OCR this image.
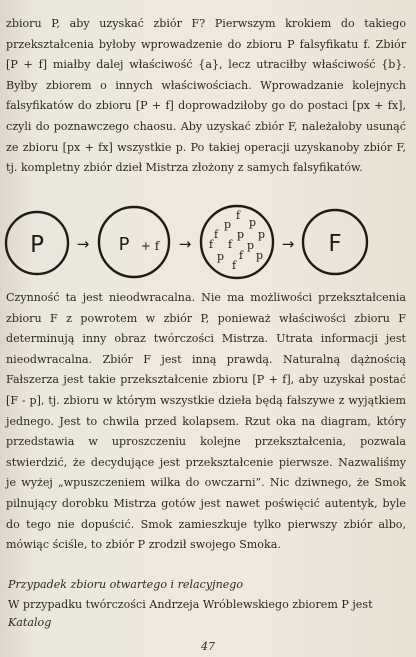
zbioru P, aby uzyskać zbiór F? Pierwszym krokiem do takiego przekształcenia byłoby wprowadzenie do zbioru P falsyfikatu f. Zbiór [P + f] miałby dalej właściwość {a}, lecz utraciłby właściwość {b}. Byłby zbiorem o innych właściwościach. Wprowadzanie kolejnych falsyfikatów do zbioru [P + f] doprowadziłoby go do postaci [px + fx], czyli do poznawczego chaosu. Aby uzyskać zbiór F, należałoby usunąć ze zbioru [px + fx] wszystkie p. Po takiej operacji uzyskanoby zbiór F, tj. kompletny zbiór dzieł Mistrza złożony z samych falsyfikatów.

P → P + f →
f
p p
f p p
f f p
p f p
f
→ F

Czynność ta jest nieodwracalna. Nie ma możliwości przekształcenia zbioru F z powrotem w zbiór P, ponieważ właściwości zbioru F determinują inny obraz twórczości Mistrza. Utrata informacji jest nieodwracalna. Zbiór F jest inną prawdą. Naturalną dążnością Fałszerza jest takie przekształcenie zbioru [P + f], aby uzyskał postać [F - p], tj. zbioru w którym wszystkie dzieła będą fałszywe z wyjątkiem jednego. Jest to chwila przed kolapsem. Rzut oka na diagram, który przedstawia w uproszczeniu kolejne przekształcenia, pozwala stwierdzić, że decydujące jest przekształcenie pierwsze. Nazwaliśmy je wyżej „wpuszczeniem wilka do owczarni”. Nic dziwnego, że Smok pilnujący dorobku Mistrza gotów jest nawet poświęcić autentyk, byle do tego nie dopuścić. Smok zamieszkuje tylko pierwszy zbiór albo, mówiąc ściśle, to zbiór P zrodził swojego Smoka.

Przypadek zbioru otwartego i relacyjnego
W przypadku twórczości Andrzeja Wróblewskiego zbiorem P jest Katalog
47
